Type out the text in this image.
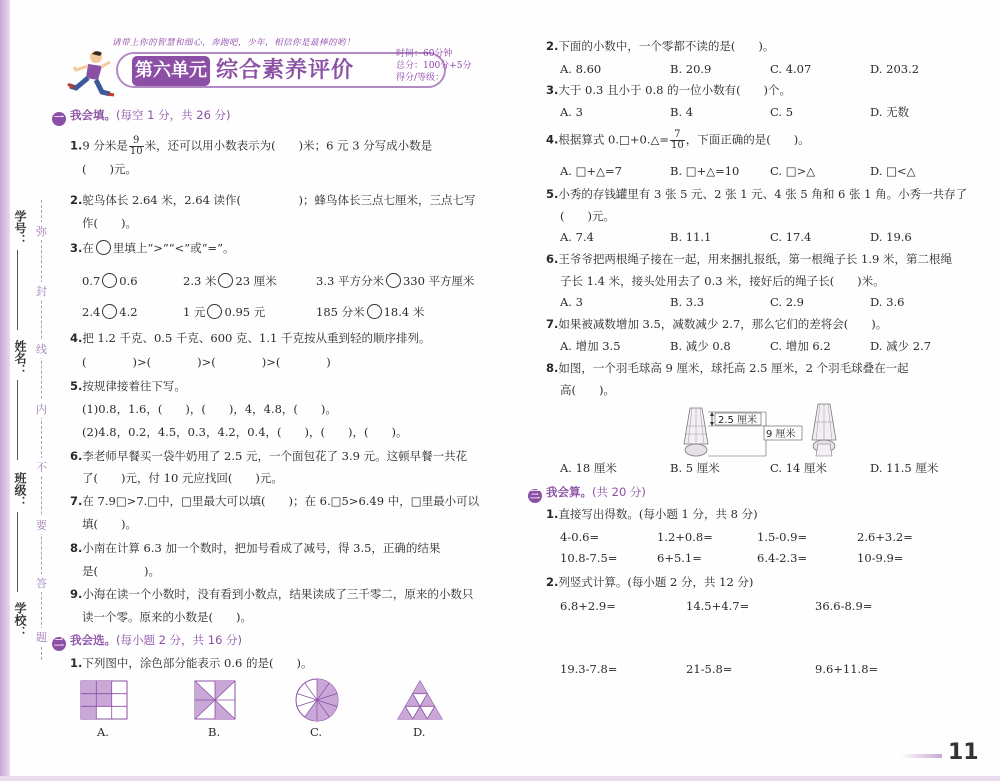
学号：
姓名：
班级：
学校：
弥
封
线
内
不
要
答
题
请带上你的智慧和细心，奔跑吧，少年，相信你是最棒的哟！
第六单元 综合素养评价
时间：60分钟
总分：100分+5分
得分/等级：
一 我会填。(每空 1 分，共 26 分)
1.9 分米是 $\frac{9}{10}$ 米，还可以用小数表示为(　　)米；6 元 3 分写成小数是
(　　)元。
2.鸵鸟体长 2.64 米，2.64 读作(　　　　　)；蜂鸟体长三点七厘米，三点七写
作(　　)。
3.在 里填上“>”“<”或“=”。
0.7 0.6	2.3 米 23 厘米	3.3 平方分米 330 平方厘米
2.4 4.2	1 元 0.95 元	185 分米 18.4 米
4.把 1.2 千克、0.5 千克、600 克、1.1 千克按从重到轻的顺序排列。
(　　　　)>(　　　　)>(　　　　)>(　　　　)
5.按规律接着往下写。
(1)0.8，1.6，(　　)，(　　)，4，4.8，(　　)。
(2)4.8，0.2，4.5，0.3，4.2，0.4，(　　)，(　　)，(　　)。
6.李老师早餐买一袋牛奶用了 2.5 元，一个面包花了 3.9 元。这顿早餐一共花
了(　　)元，付 10 元应找回(　　)元。
7.在 7.9□>7.□中，□里最大可以填(　　)；在 6.□5>6.49 中，□里最小可以
填(　　)。
8.小南在计算 6.3 加一个数时，把加号看成了减号，得 3.5，正确的结果
是(　　　　)。
9.小海在读一个小数时，没有看到小数点，结果读成了三千零二，原来的小数只
读一个零。原来的小数是(　　)。
二 我会选。(每小题 2 分，共 16 分)
1.下列图中，涂色部分能表示 0.6 的是(　　)。
A.	B.	C.	D.
2.下面的小数中，一个零都不读的是(　　)。
A. 8.60	B. 20.9	C. 4.07	D. 203.2
3.大于 0.3 且小于 0.8 的一位小数有(　　)个。
A. 3	B. 4	C. 5	D. 无数
4.根据算式 0.□+0.△= $\frac{7}{10}$ ，下面正确的是(　　)。
A. □+△=7	B. □+△=10	C. □>△	D. □<△
5.小秀的存钱罐里有 3 张 5 元、2 张 1 元、4 张 5 角和 6 张 1 角。小秀一共存了
(　　)元。
A. 7.4	B. 11.1	C. 17.4	D. 19.6
6.王爷爷把两根绳子接在一起，用来捆扎报纸，第一根绳子长 1.9 米，第二根绳
子长 1.4 米，接头处用去了 0.3 米，接好后的绳子长(　　)米。
A. 3	B. 3.3	C. 2.9	D. 3.6
7.如果被减数增加 3.5，减数减少 2.7，那么它们的差将会(　　)。
A. 增加 3.5	B. 减少 0.8	C. 增加 6.2	D. 减少 2.7
8.如图，一个羽毛球高 9 厘米，球托高 2.5 厘米，2 个羽毛球叠在一起
高(　　)。
2.5 厘米
9 厘米
A. 18 厘米	B. 5 厘米	C. 14 厘米	D. 11.5 厘米
三 我会算。(共 20 分)
1.直接写出得数。(每小题 1 分，共 8 分)
4-0.6=	1.2+0.8=	1.5-0.9=	2.6+3.2=
10.8-7.5=	6+5.1=	6.4-2.3=	10-9.9=
2.列竖式计算。(每小题 2 分，共 12 分)
6.8+2.9=	14.5+4.7=	36.6-8.9=
19.3-7.8=	21-5.8=	9.6+11.8=
11
